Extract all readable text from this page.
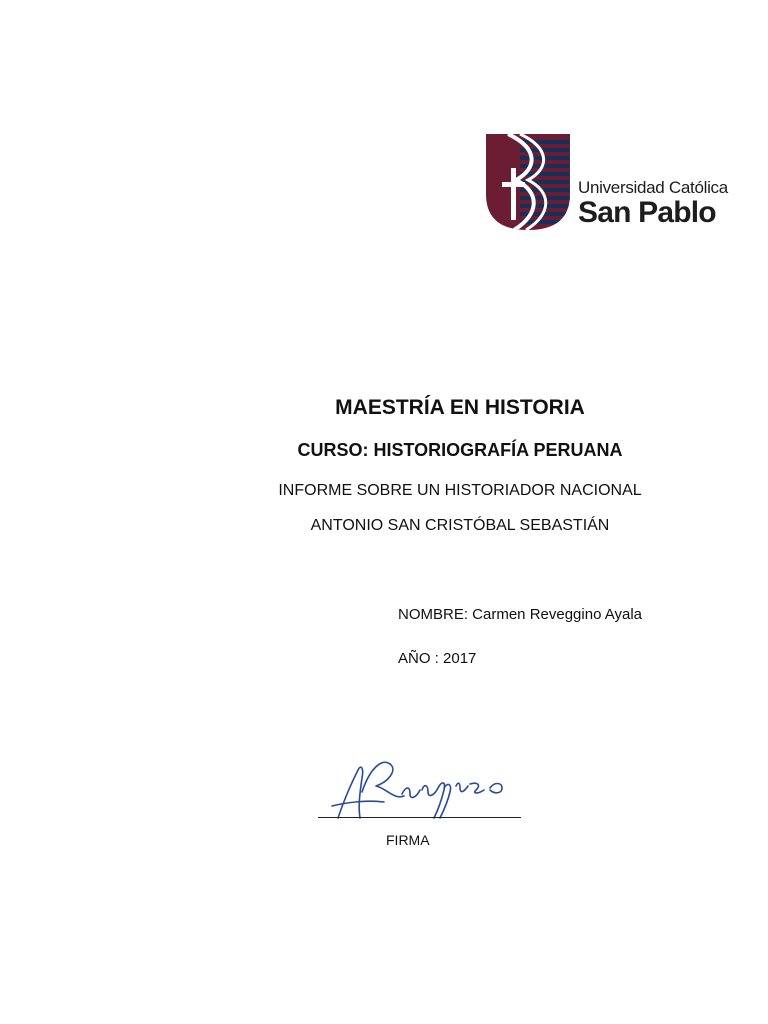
Universidad Católica
San Pablo
MAESTRÍA EN HISTORIA
CURSO: HISTORIOGRAFÍA PERUANA
INFORME SOBRE UN HISTORIADOR NACIONAL
ANTONIO SAN CRISTÓBAL SEBASTIÁN
NOMBRE: Carmen Reveggino Ayala
AÑO : 2017
FIRMA
